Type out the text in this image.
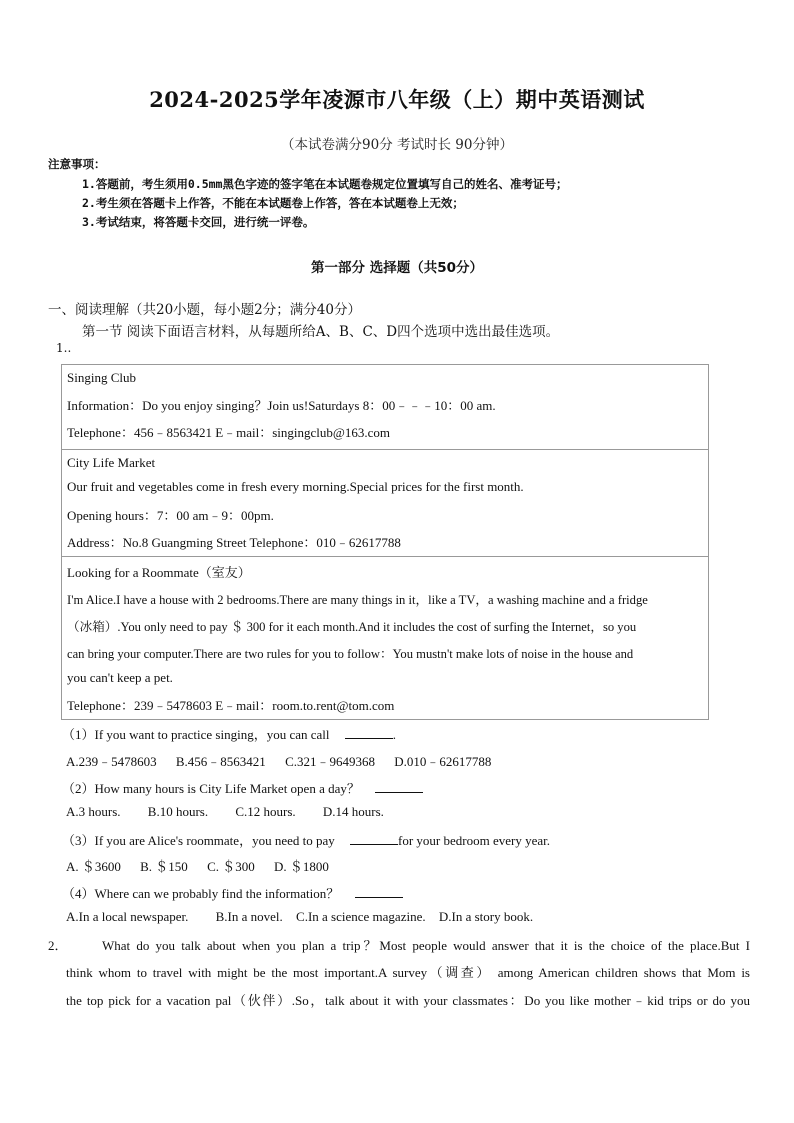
2024-2025学年凌源市八年级（上）期中英语测试
（本试卷满分90分 考试时长 90分钟）
注意事项：
1.答题前，考生须用0.5mm黑色字迹的签字笔在本试题卷规定位置填写自己的姓名、准考证号；
2.考生须在答题卡上作答，不能在本试题卷上作答，答在本试题卷上无效；
3.考试结束，将答题卡交回，进行统一评卷。
第一部分 选择题（共50分）
一、阅读理解（共20小题，每小题2分；满分40分）
第一节 阅读下面语言材料，从每题所给A、B、C、D四个选项中选出最佳选项。
1..
Singing Club
Information：Do you enjoy singing？Join us!Saturdays 8：00﹣﹣﹣10：00 am.
Telephone：456﹣8563421 E﹣mail：singingclub@163.com
City Life Market
Our fruit and vegetables come in fresh every morning.Special prices for the first month.
Opening hours：7：00 am﹣9：00pm.
Address：No.8 Guangming Street Telephone：010﹣62617788
Looking for a Roommate（室友）
I'm Alice.I have a house with 2 bedrooms.There are many things in it，like a TV，a washing machine and a fridge
（冰箱）.You only need to pay ＄ 300 for it each month.And it includes the cost of surfing the Internet，so you
can bring your computer.There are two rules for you to follow：You mustn't make lots of noise in the house and
you can't keep a pet.
Telephone：239﹣5478603 E﹣mail：room.to.rent@tom.com
（1）If you want to practice singing，you can call	.
A.239﹣5478603 B.456﹣8563421 C.321﹣9649368 D.010﹣62617788
（2）How many hours is City Life Market open a day？
A.3 hours. B.10 hours. C.12 hours. D.14 hours.
（3）If you are Alice's roommate，you need to pay	for your bedroom every year.
A. ＄3600 B. ＄150 C. ＄300 D. ＄1800
（4）Where can we probably find the information？
A.In a local newspaper. B.In a novel. C.In a science magazine. D.In a story book.
2．	What do you talk about when you plan a trip？Most people would answer that it is the choice of the place.But I
think whom to travel with might be the most important.A survey（调查） among American children shows that Mom is
the top pick for a vacation pal（伙伴）.So，talk about it with your classmates：Do you like mother﹣kid trips or do you
